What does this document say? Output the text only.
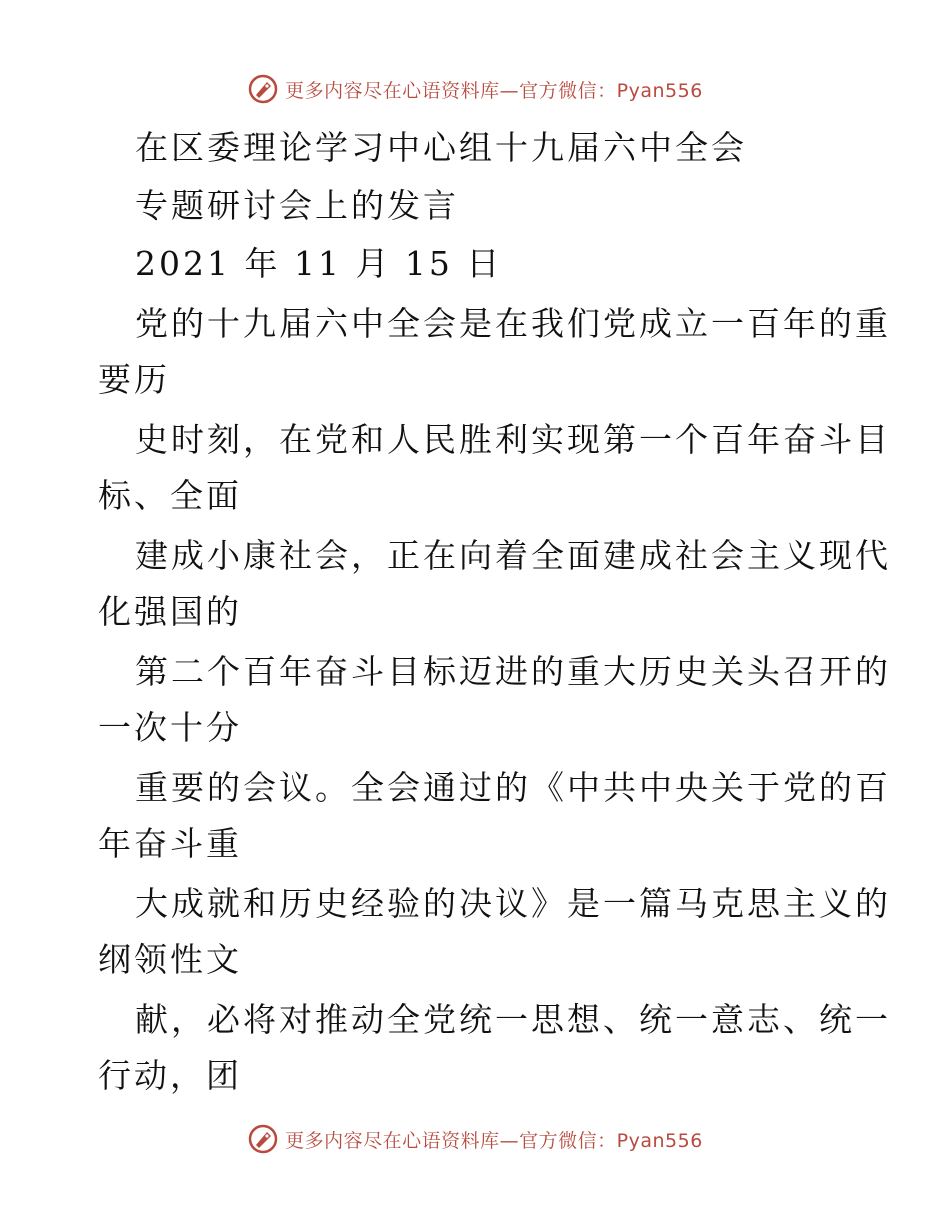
更多内容尽在心语资料库—官方微信：Pyan556
在区委理论学习中心组十九届六中全会
专题研讨会上的发言
2021 年 11 月 15 日
党的十九届六中全会是在我们党成立一百年的重
要历
史时刻，在党和人民胜利实现第一个百年奋斗目
标、全面
建成小康社会，正在向着全面建成社会主义现代
化强国的
第二个百年奋斗目标迈进的重大历史关头召开的
一次十分
重要的会议。全会通过的《中共中央关于党的百
年奋斗重
大成就和历史经验的决议》是一篇马克思主义的
纲领性文
献，必将对推动全党统一思想、统一意志、统一
行动，团
更多内容尽在心语资料库—官方微信：Pyan556
